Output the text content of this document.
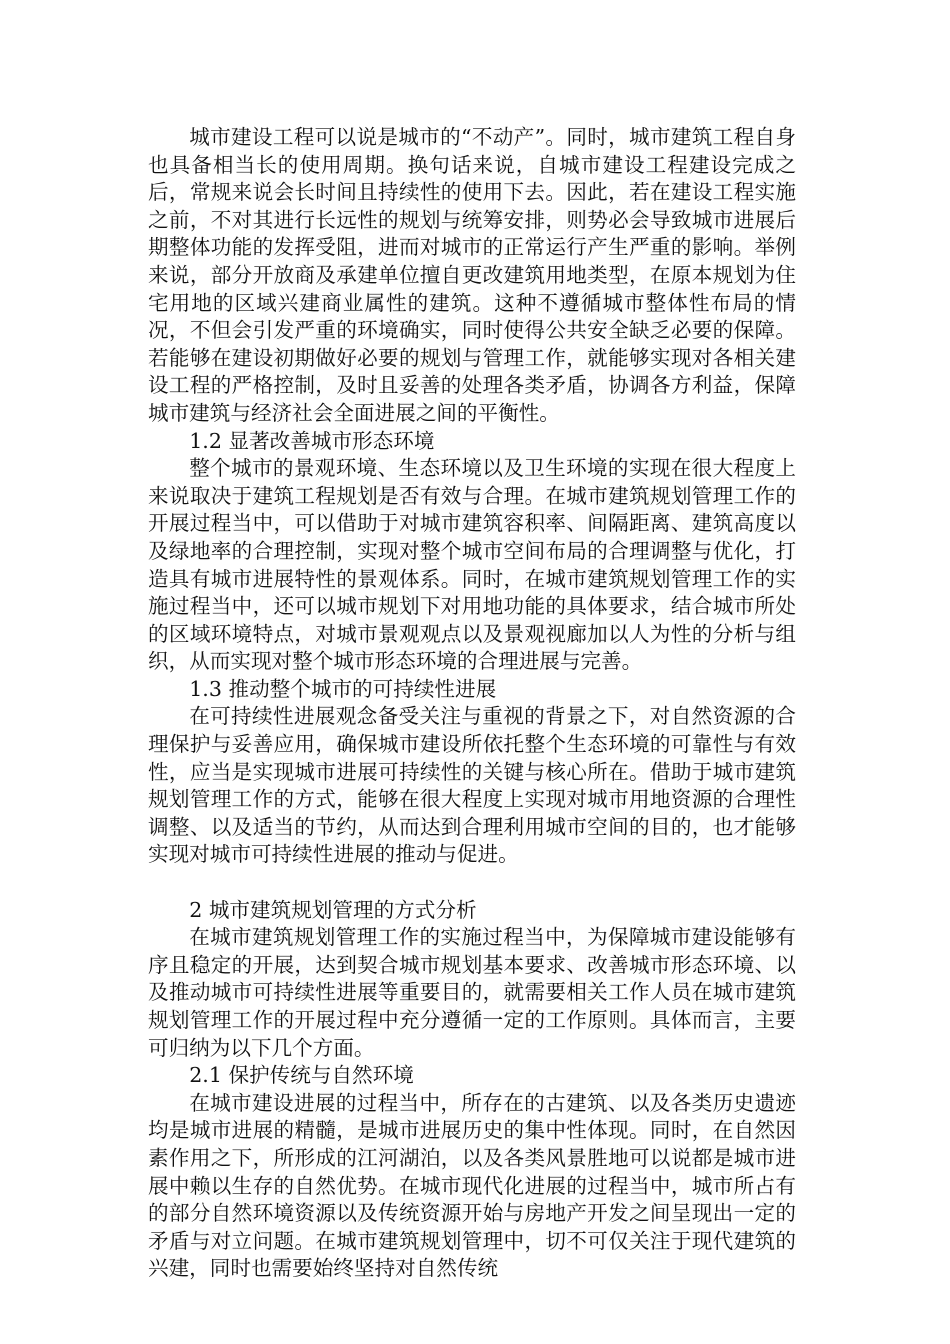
城市建设工程可以说是城市的“不动产”。同时，城市建筑工程自身也具备相当长的使用周期。换句话来说，自城市建设工程建设完成之后，常规来说会长时间且持续性的使用下去。因此，若在建设工程实施之前，不对其进行长远性的规划与统筹安排，则势必会导致城市进展后期整体功能的发挥受阻，进而对城市的正常运行产生严重的影响。举例来说，部分开放商及承建单位擅自更改建筑用地类型，在原本规划为住宅用地的区域兴建商业属性的建筑。这种不遵循城市整体性布局的情况，不但会引发严重的环境确实，同时使得公共安全缺乏必要的保障。若能够在建设初期做好必要的规划与管理工作，就能够实现对各相关建设工程的严格控制，及时且妥善的处理各类矛盾，协调各方利益，保障城市建筑与经济社会全面进展之间的平衡性。

1.2 显著改善城市形态环境

整个城市的景观环境、生态环境以及卫生环境的实现在很大程度上来说取决于建筑工程规划是否有效与合理。在城市建筑规划管理工作的开展过程当中，可以借助于对城市建筑容积率、间隔距离、建筑高度以及绿地率的合理控制，实现对整个城市空间布局的合理调整与优化，打造具有城市进展特性的景观体系。同时，在城市建筑规划管理工作的实施过程当中，还可以城市规划下对用地功能的具体要求，结合城市所处的区域环境特点，对城市景观观点以及景观视廊加以人为性的分析与组织，从而实现对整个城市形态环境的合理进展与完善。

1.3 推动整个城市的可持续性进展

在可持续性进展观念备受关注与重视的背景之下，对自然资源的合理保护与妥善应用，确保城市建设所依托整个生态环境的可靠性与有效性，应当是实现城市进展可持续性的关键与核心所在。借助于城市建筑规划管理工作的方式，能够在很大程度上实现对城市用地资源的合理性调整、以及适当的节约，从而达到合理利用城市空间的目的，也才能够实现对城市可持续性进展的推动与促进。

2 城市建筑规划管理的方式分析

在城市建筑规划管理工作的实施过程当中，为保障城市建设能够有序且稳定的开展，达到契合城市规划基本要求、改善城市形态环境、以及推动城市可持续性进展等重要目的，就需要相关工作人员在城市建筑规划管理工作的开展过程中充分遵循一定的工作原则。具体而言，主要可归纳为以下几个方面。

2.1 保护传统与自然环境

在城市建设进展的过程当中，所存在的古建筑、以及各类历史遗迹均是城市进展的精髓，是城市进展历史的集中性体现。同时，在自然因素作用之下，所形成的江河湖泊，以及各类风景胜地可以说都是城市进展中赖以生存的自然优势。在城市现代化进展的过程当中，城市所占有的部分自然环境资源以及传统资源开始与房地产开发之间呈现出一定的矛盾与对立问题。在城市建筑规划管理中，切不可仅关注于现代建筑的兴建，同时也需要始终坚持对自然传统
